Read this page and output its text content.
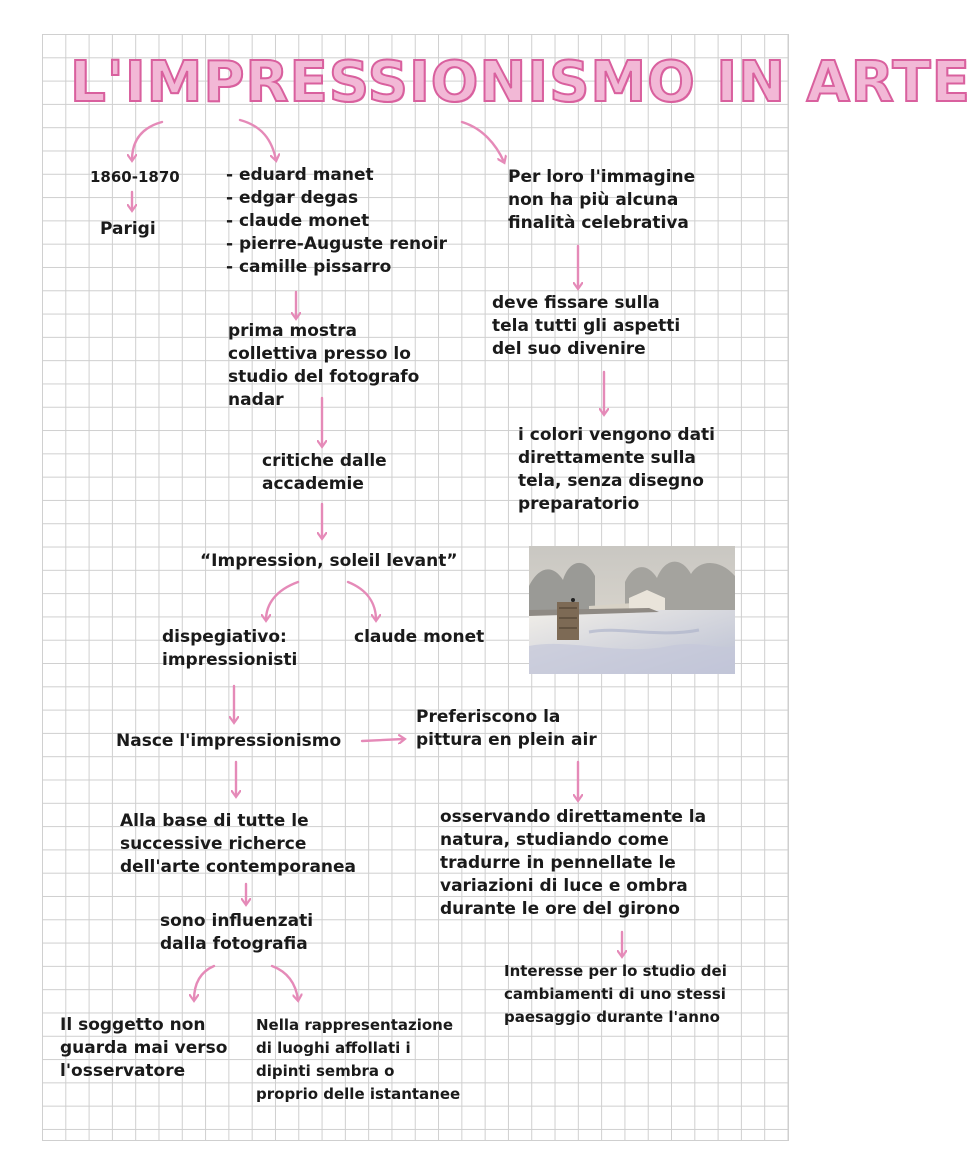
L'IMPRESSIONISMO IN ARTE
1860-1870
Parigi
- eduard manet
- edgar degas
- claude monet
- pierre-Auguste renoir
- camille pissarro
prima mostra
collettiva presso lo
studio del fotografo
nadar
critiche dalle
accademie
“Impression, soleil levant”
dispegiativo:
impressionisti
claude monet
Nasce l'impressionismo
Alla base di tutte le
successive richerce
dell'arte contemporanea
sono influenzati
dalla fotografia
Il soggetto non
guarda mai verso
l'osservatore
Nella rappresentazione
di luoghi affollati i
dipinti sembra o
proprio delle istantanee
Per loro l'immagine
non ha più alcuna
finalità celebrativa
deve fissare sulla
tela tutti gli aspetti
del suo divenire
i colori vengono dati
direttamente sulla
tela, senza disegno
preparatorio
Preferiscono la
pittura en plein air
osservando direttamente la
natura, studiando come
tradurre in pennellate le
variazioni di luce e ombra
durante le ore del girono
Interesse per lo studio dei
cambiamenti di uno stessi
paesaggio durante l'anno
